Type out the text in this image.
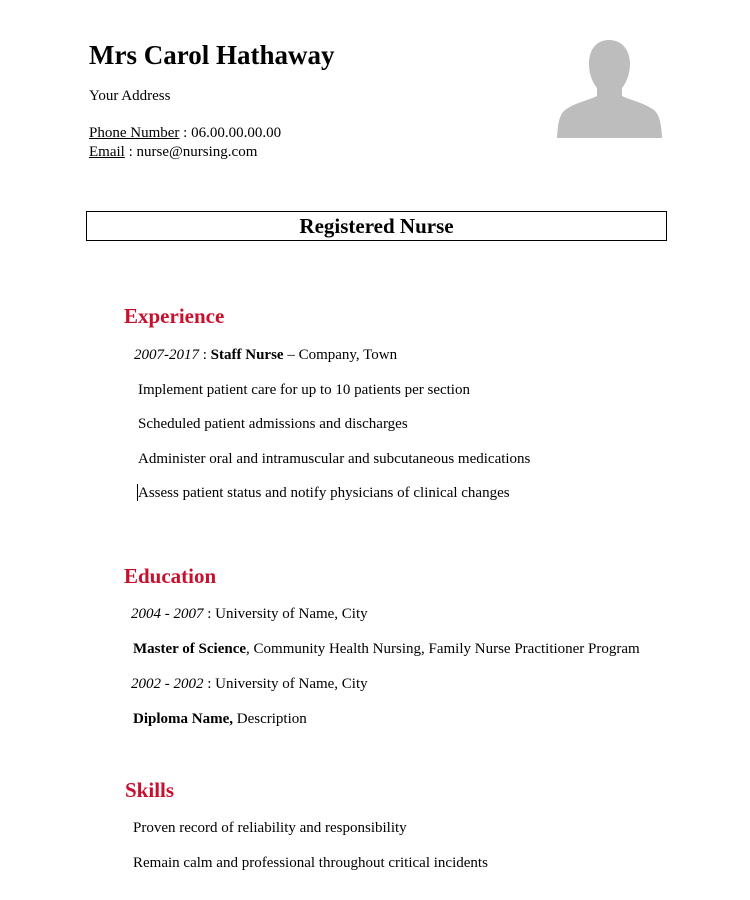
Mrs Carol Hathaway
Your Address
Phone Number : 06.00.00.00.00
Email : nurse@nursing.com
Registered Nurse
Experience
2007-2017 : Staff Nurse – Company, Town
Implement patient care for up to 10 patients per section
Scheduled patient admissions and discharges
Administer oral and intramuscular and subcutaneous medications
Assess patient status and notify physicians of clinical changes
Education
2004 - 2007 : University of Name, City
Master of Science, Community Health Nursing, Family Nurse Practitioner Program
2002 - 2002 : University of Name, City
Diploma Name, Description
Skills
Proven record of reliability and responsibility
Remain calm and professional throughout critical incidents
